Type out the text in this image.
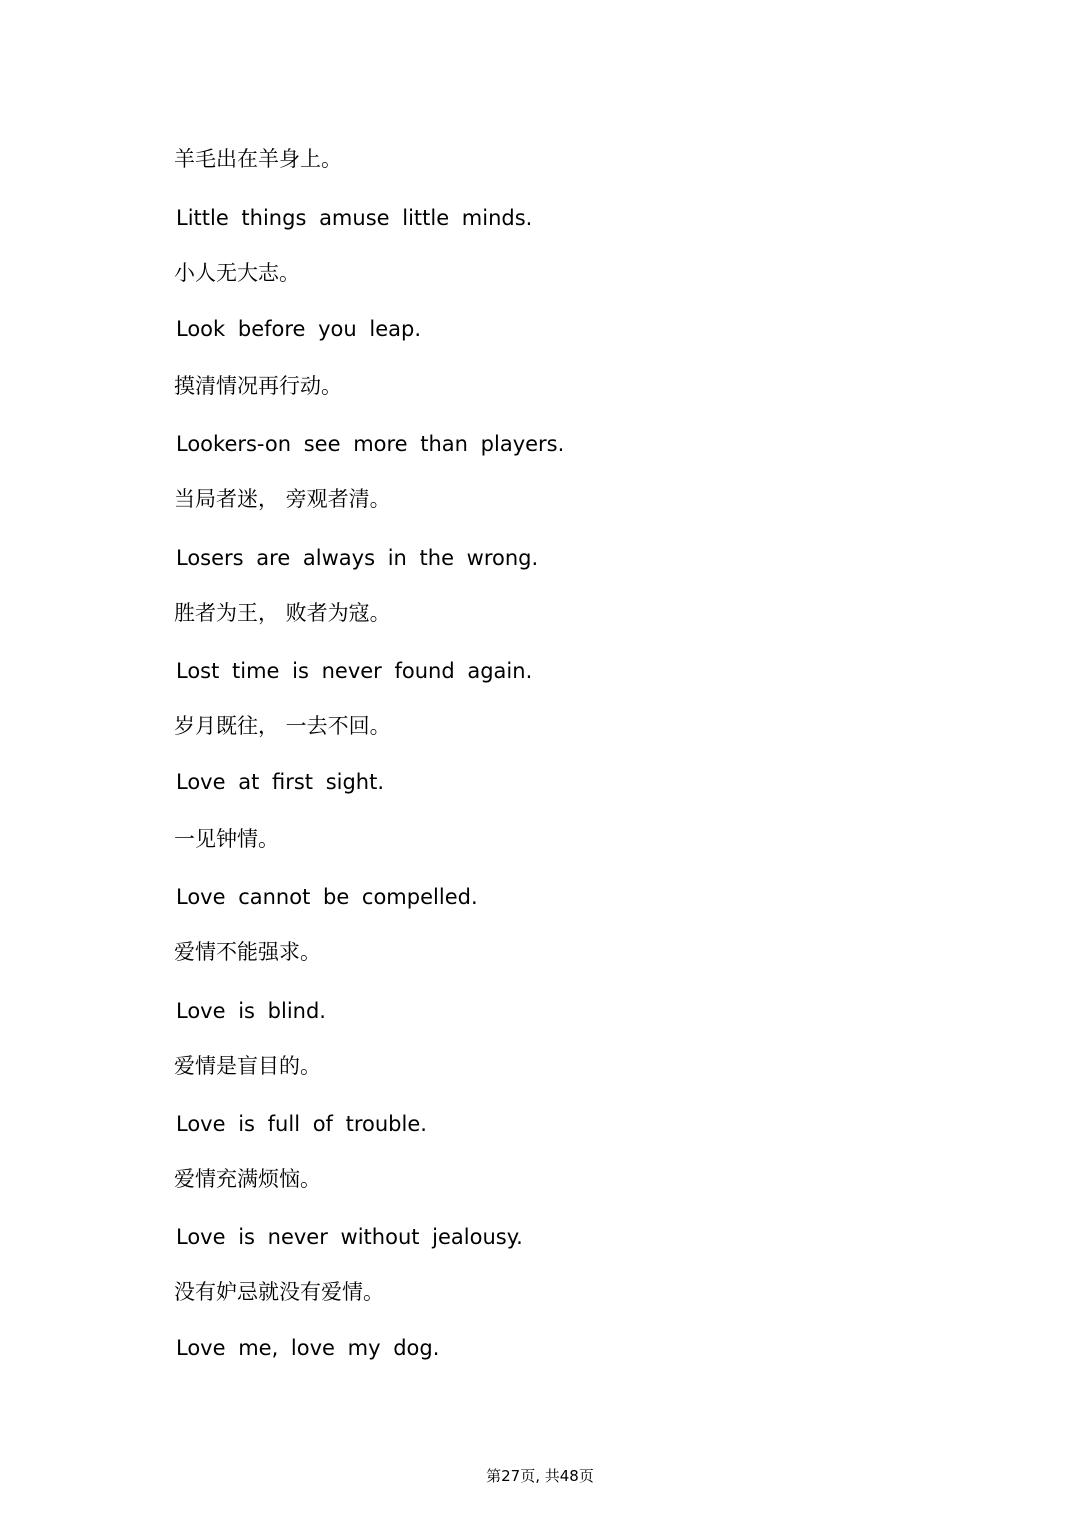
羊毛出在羊身上。
Little things amuse little minds.
小人无大志。
Look before you leap.
摸清情况再行动。
Lookers-on see more than players.
当局者迷， 旁观者清。
Losers are always in the wrong.
胜者为王， 败者为寇。
Lost time is never found again.
岁月既往， 一去不回。
Love at first sight.
一见钟情。
Love cannot be compelled.
爱情不能强求。
Love is blind.
爱情是盲目的。
Love is full of trouble.
爱情充满烦恼。
Love is never without jealousy.
没有妒忌就没有爱情。
Love me, love my dog.
第27页, 共48页
